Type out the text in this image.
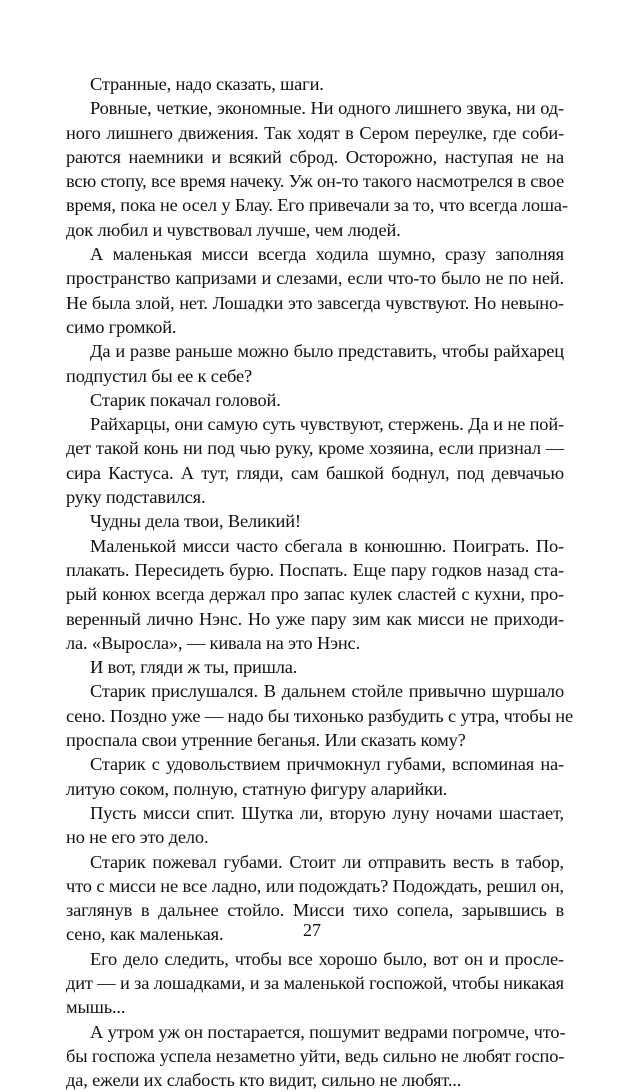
Странные, надо сказать, шаги.
Ровные, четкие, экономные. Ни одного лишнего звука, ни од-
ного лишнего движения. Так ходят в Сером переулке, где соби-
раются наемники и всякий сброд. Осторожно, наступая не на
всю стопу, все время начеку. Уж он-то такого насмотрелся в свое
время, пока не осел у Блау. Его привечали за то, что всегда лоша-
док любил и чувствовал лучше, чем людей.
А маленькая мисси всегда ходила шумно, сразу заполняя
пространство капризами и слезами, если что-то было не по ней.
Не была злой, нет. Лошадки это завсегда чувствуют. Но невыно-
симо громкой.
Да и разве раньше можно было представить, чтобы райхарец
подпустил бы ее к себе?
Старик покачал головой.
Райхарцы, они самую суть чувствуют, стержень. Да и не пой-
дет такой конь ни под чью руку, кроме хозяина, если признал —
сира Кастуса. А тут, гляди, сам башкой боднул, под девчачью
руку подставился.
Чудны дела твои, Великий!
Маленькой мисси часто сбегала в конюшню. Поиграть. По-
плакать. Пересидеть бурю. Поспать. Еще пару годков назад ста-
рый конюх всегда держал про запас кулек сластей с кухни, про-
веренный лично Нэнс. Но уже пару зим как мисси не приходи-
ла. «Выросла», — кивала на это Нэнс.
И вот, гляди ж ты, пришла.
Старик прислушался. В дальнем стойле привычно шуршало
сено. Поздно уже — надо бы тихонько разбудить с утра, чтобы не
проспала свои утренние беганья. Или сказать кому?
Старик с удовольствием причмокнул губами, вспоминая на-
литую соком, полную, статную фигуру аларийки.
Пусть мисси спит. Шутка ли, вторую луну ночами шастает,
но не его это дело.
Старик пожевал губами. Стоит ли отправить весть в табор,
что с мисси не все ладно, или подождать? Подождать, решил он,
заглянув в дальнее стойло. Мисси тихо сопела, зарывшись в
сено, как маленькая.
Его дело следить, чтобы все хорошо было, вот он и прослe-
дит — и за лошадками, и за маленькой госпожой, чтобы никакая
мышь...
А утром уж он постарается, пошумит ведрами погромче, что-
бы госпожа успела незаметно уйти, ведь сильно не любят госпо-
да, ежели их слабость кто видит, сильно не любят...
27
